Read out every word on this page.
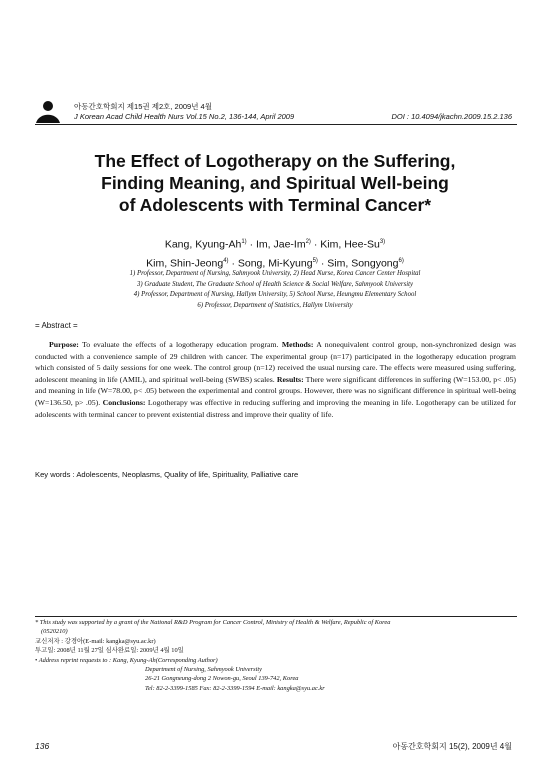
아동간호학회지 제15권 제2호, 2009년 4월
J Korean Acad Child Health Nurs Vol.15 No.2, 136-144, April 2009	DOI : 10.4094/jkachn.2009.15.2.136
The Effect of Logotherapy on the Suffering,
Finding Meaning, and Spiritual Well-being
of Adolescents with Terminal Cancer*
Kang, Kyung-$Ah^{1)} \cdot Im$, Jae-$Im^{2)}$ · Kim, Hee-Su$^{3)}$
Kim, Shin-Jeong$^{4)}$ · Song, Mi-Kyung$^{5)}$ · Sim, Songyong$^{6)}$
1) Professor, Department of Nursing, Sahmyook University, 2) Head Nurse, Korea Cancer Center Hospital
3) Graduate Student, The Graduate School of Health Science & Social Welfare, Sahmyook University
4) Professor, Department of Nursing, Hallym University, 5) School Nurse, Heungmu Elementary School
6) Professor, Department of Statistics, Hallym University
= Abstract =
Purpose: To evaluate the effects of a logotherapy education program. Methods: A nonequivalent control group, non-synchronized design was conducted with a convenience sample of 29 children with cancer. The experimental group (n=17) participated in the logotherapy education program which consisted of 5 daily sessions for one week. The control group (n=12) received the usual nursing care. The effects were measured using suffering, adolescent meaning in life (AMIL), and spiritual well-being (SWBS) scales. Results: There were significant differences in suffering (W=153.00, p< .05) and meaning in life (W=78.00, p< .05) between the experimental and control groups. However, there was no significant difference in spiritual well-being (W=136.50, p> .05). Conclusions: Logotherapy was effective in reducing suffering and improving the meaning in life. Logotherapy can be utilized for adolescents with terminal cancer to prevent existential distress and improve their quality of life.
Key words : Adolescents, Neoplasms, Quality of life, Spirituality, Palliative care
* This study was supported by a grant of the National R&D Program for Cancer Control, Ministry of Health & Welfare, Republic of Korea
(0520210)
교신저자 : 강경아(E-mail: kangka@syu.ac.kr)
투고일: 2008년 11월 27일 심사완료일: 2009년 4월 10일
• Address reprint requests to : Kang, Kyung-Ah(Corresponding Author)
Department of Nursing, Sahmyook University
26-21 Gongneung-dong 2 Nowon-gu, Seoul 139-742, Korea
Tel: 82-2-3399-1585 Fax: 82-2-3399-1594 E-mail: kangka@syu.ac.kr
136	아동간호학회지 15(2), 2009년 4월
